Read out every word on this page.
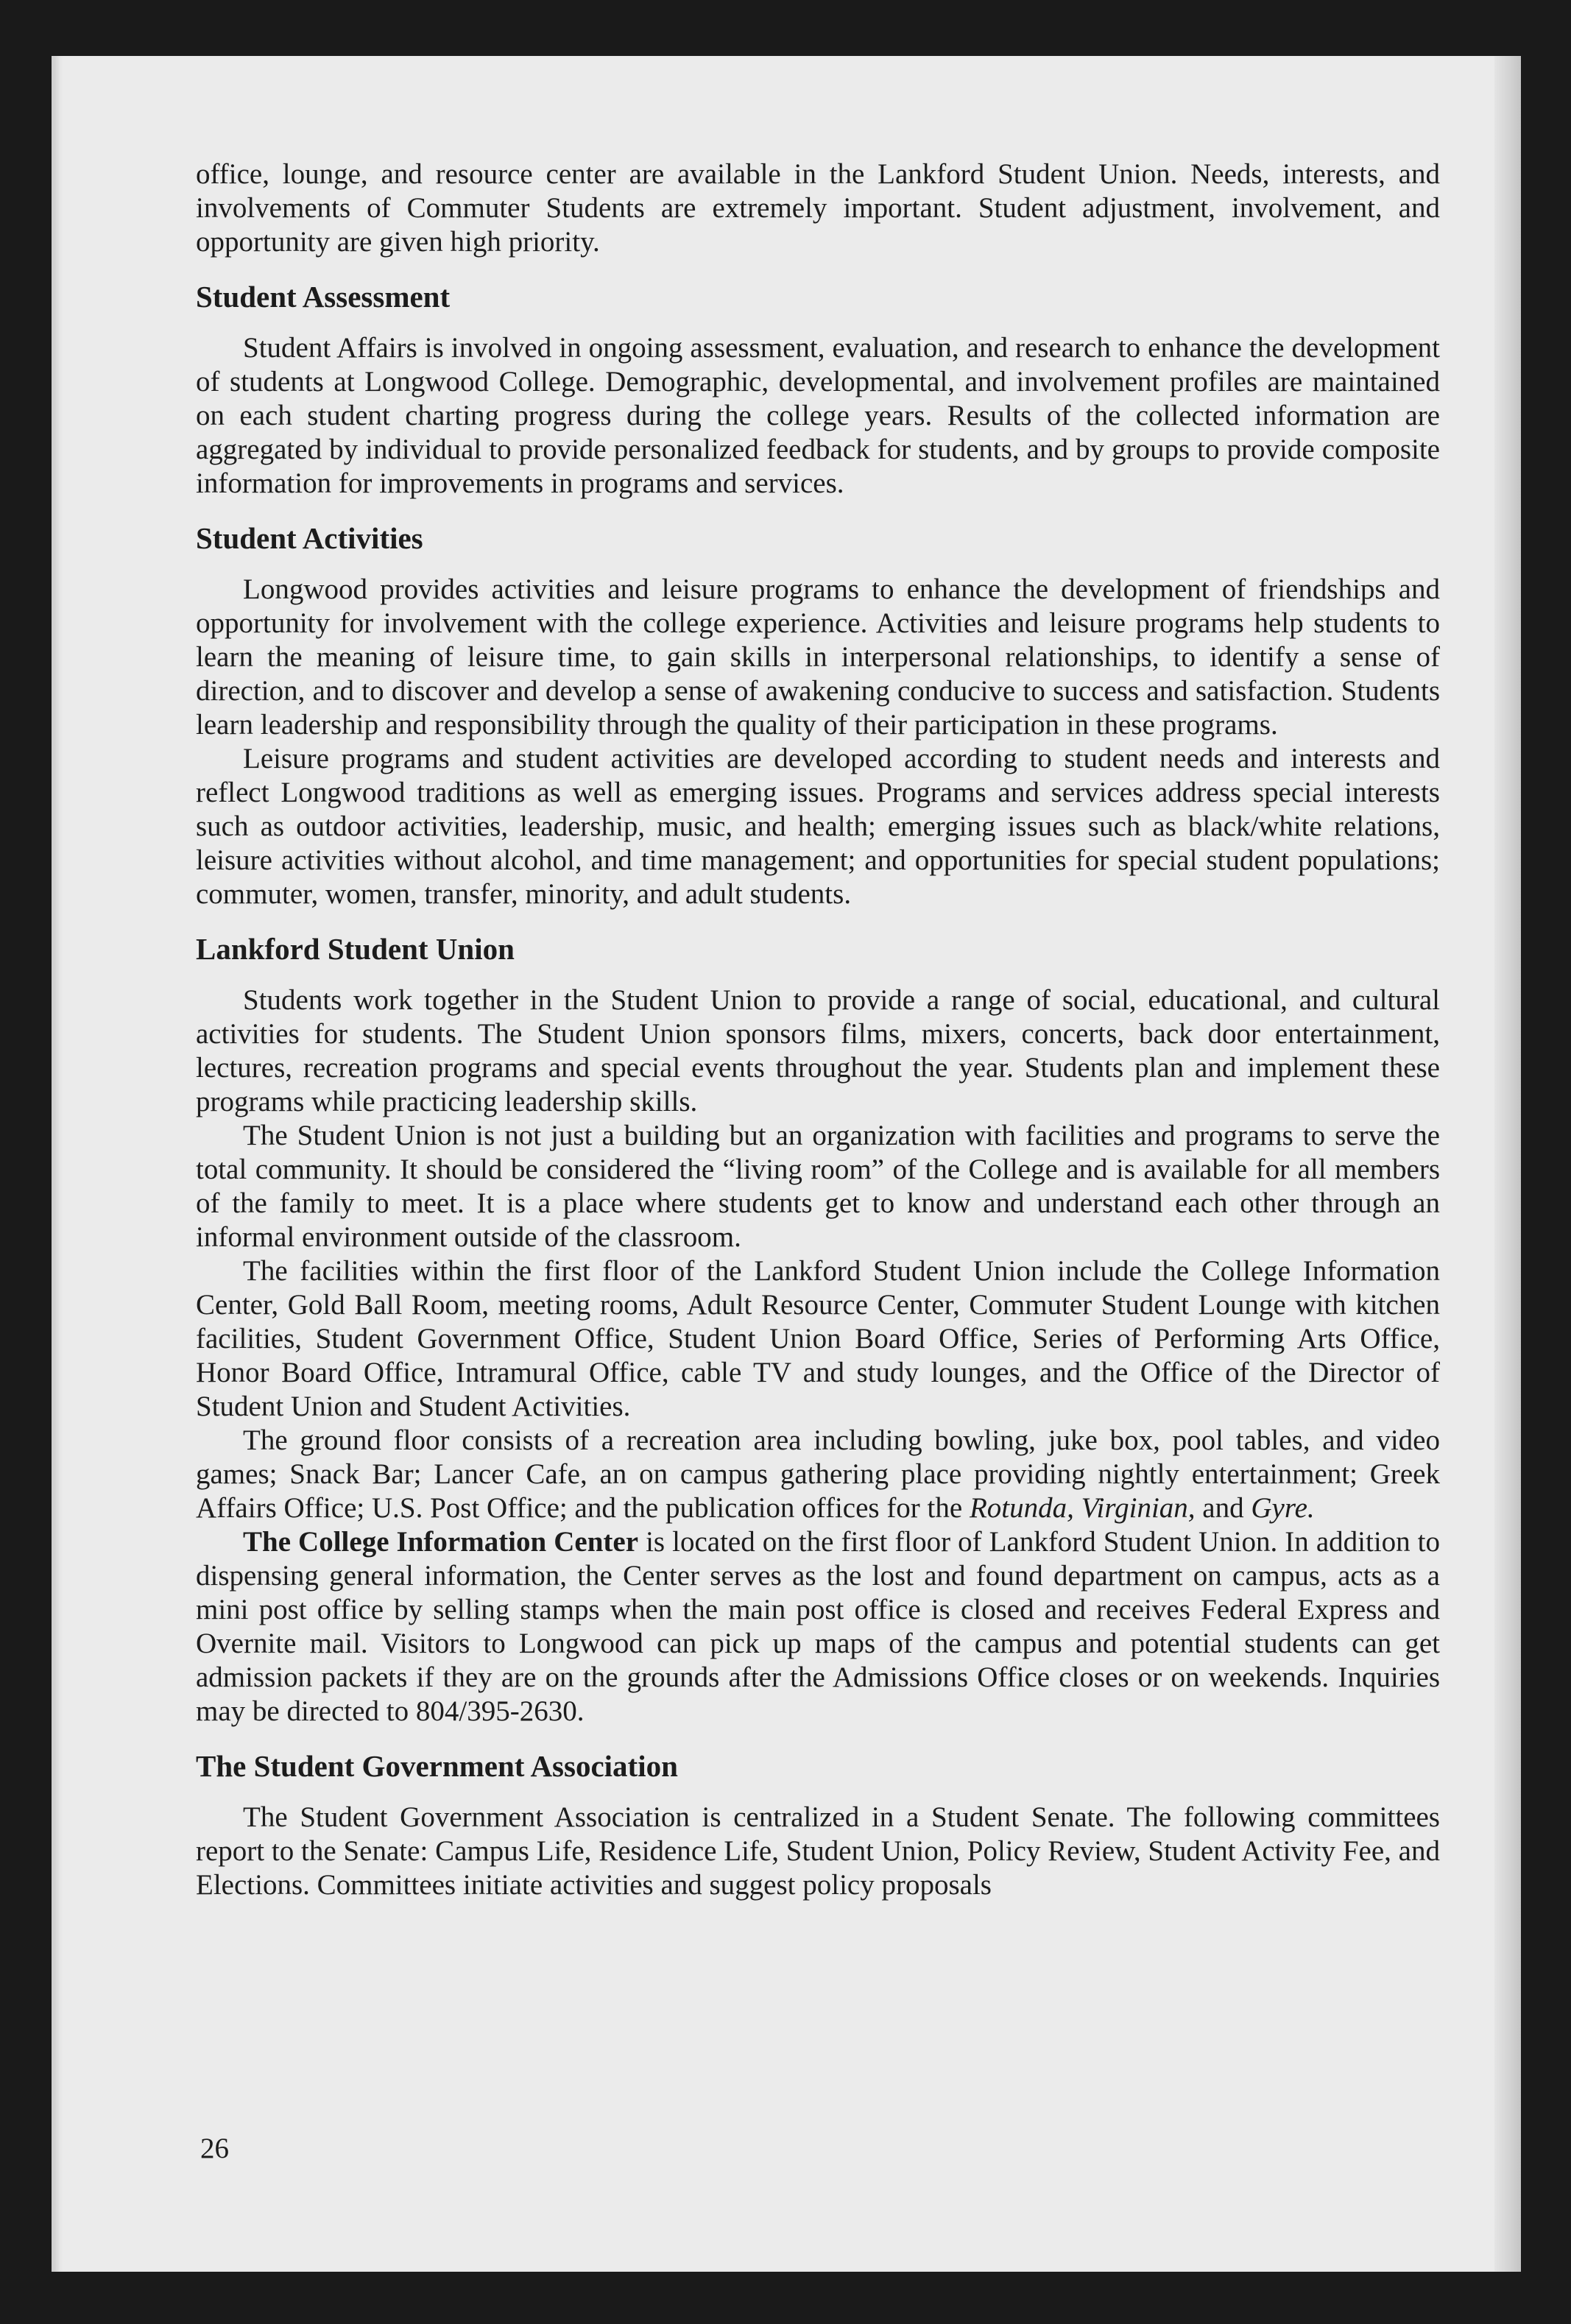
office, lounge, and resource center are available in the Lankford Student Union. Needs, interests, and involvements of Commuter Students are extremely important. Student adjustment, involvement, and opportunity are given high priority.

Student Assessment

Student Affairs is involved in ongoing assessment, evaluation, and research to enhance the development of students at Longwood College. Demographic, developmental, and involvement profiles are maintained on each student charting progress during the college years. Results of the collected information are aggregated by individual to provide personalized feedback for students, and by groups to provide composite information for improvements in programs and services.

Student Activities

Longwood provides activities and leisure programs to enhance the development of friendships and opportunity for involvement with the college experience. Activities and leisure programs help students to learn the meaning of leisure time, to gain skills in interpersonal relationships, to identify a sense of direction, and to discover and develop a sense of awakening conducive to success and satisfaction. Students learn leadership and responsibility through the quality of their participation in these programs.

Leisure programs and student activities are developed according to student needs and interests and reflect Longwood traditions as well as emerging issues. Programs and services address special interests such as outdoor activities, leadership, music, and health; emerging issues such as black/white relations, leisure activities without alcohol, and time management; and opportunities for special student populations; commuter, women, transfer, minority, and adult students.

Lankford Student Union

Students work together in the Student Union to provide a range of social, educational, and cultural activities for students. The Student Union sponsors films, mixers, concerts, back door entertainment, lectures, recreation programs and special events throughout the year. Students plan and implement these programs while practicing leadership skills.

The Student Union is not just a building but an organization with facilities and programs to serve the total community. It should be considered the “living room” of the College and is available for all members of the family to meet. It is a place where students get to know and understand each other through an informal environment outside of the classroom.

The facilities within the first floor of the Lankford Student Union include the College Information Center, Gold Ball Room, meeting rooms, Adult Resource Center, Commuter Student Lounge with kitchen facilities, Student Government Office, Student Union Board Office, Series of Performing Arts Office, Honor Board Office, Intramural Office, cable TV and study lounges, and the Office of the Director of Student Union and Student Activities.

The ground floor consists of a recreation area including bowling, juke box, pool tables, and video games; Snack Bar; Lancer Cafe, an on campus gathering place providing nightly entertainment; Greek Affairs Office; U.S. Post Office; and the publication offices for the Rotunda, Virginian, and Gyre.

The College Information Center is located on the first floor of Lankford Student Union. In addition to dispensing general information, the Center serves as the lost and found department on campus, acts as a mini post office by selling stamps when the main post office is closed and receives Federal Express and Overnite mail. Visitors to Longwood can pick up maps of the campus and potential students can get admission packets if they are on the grounds after the Admissions Office closes or on weekends. Inquiries may be directed to 804/395-2630.

The Student Government Association

The Student Government Association is centralized in a Student Senate. The following committees report to the Senate: Campus Life, Residence Life, Student Union, Policy Review, Student Activity Fee, and Elections. Committees initiate activities and suggest policy proposals

26
